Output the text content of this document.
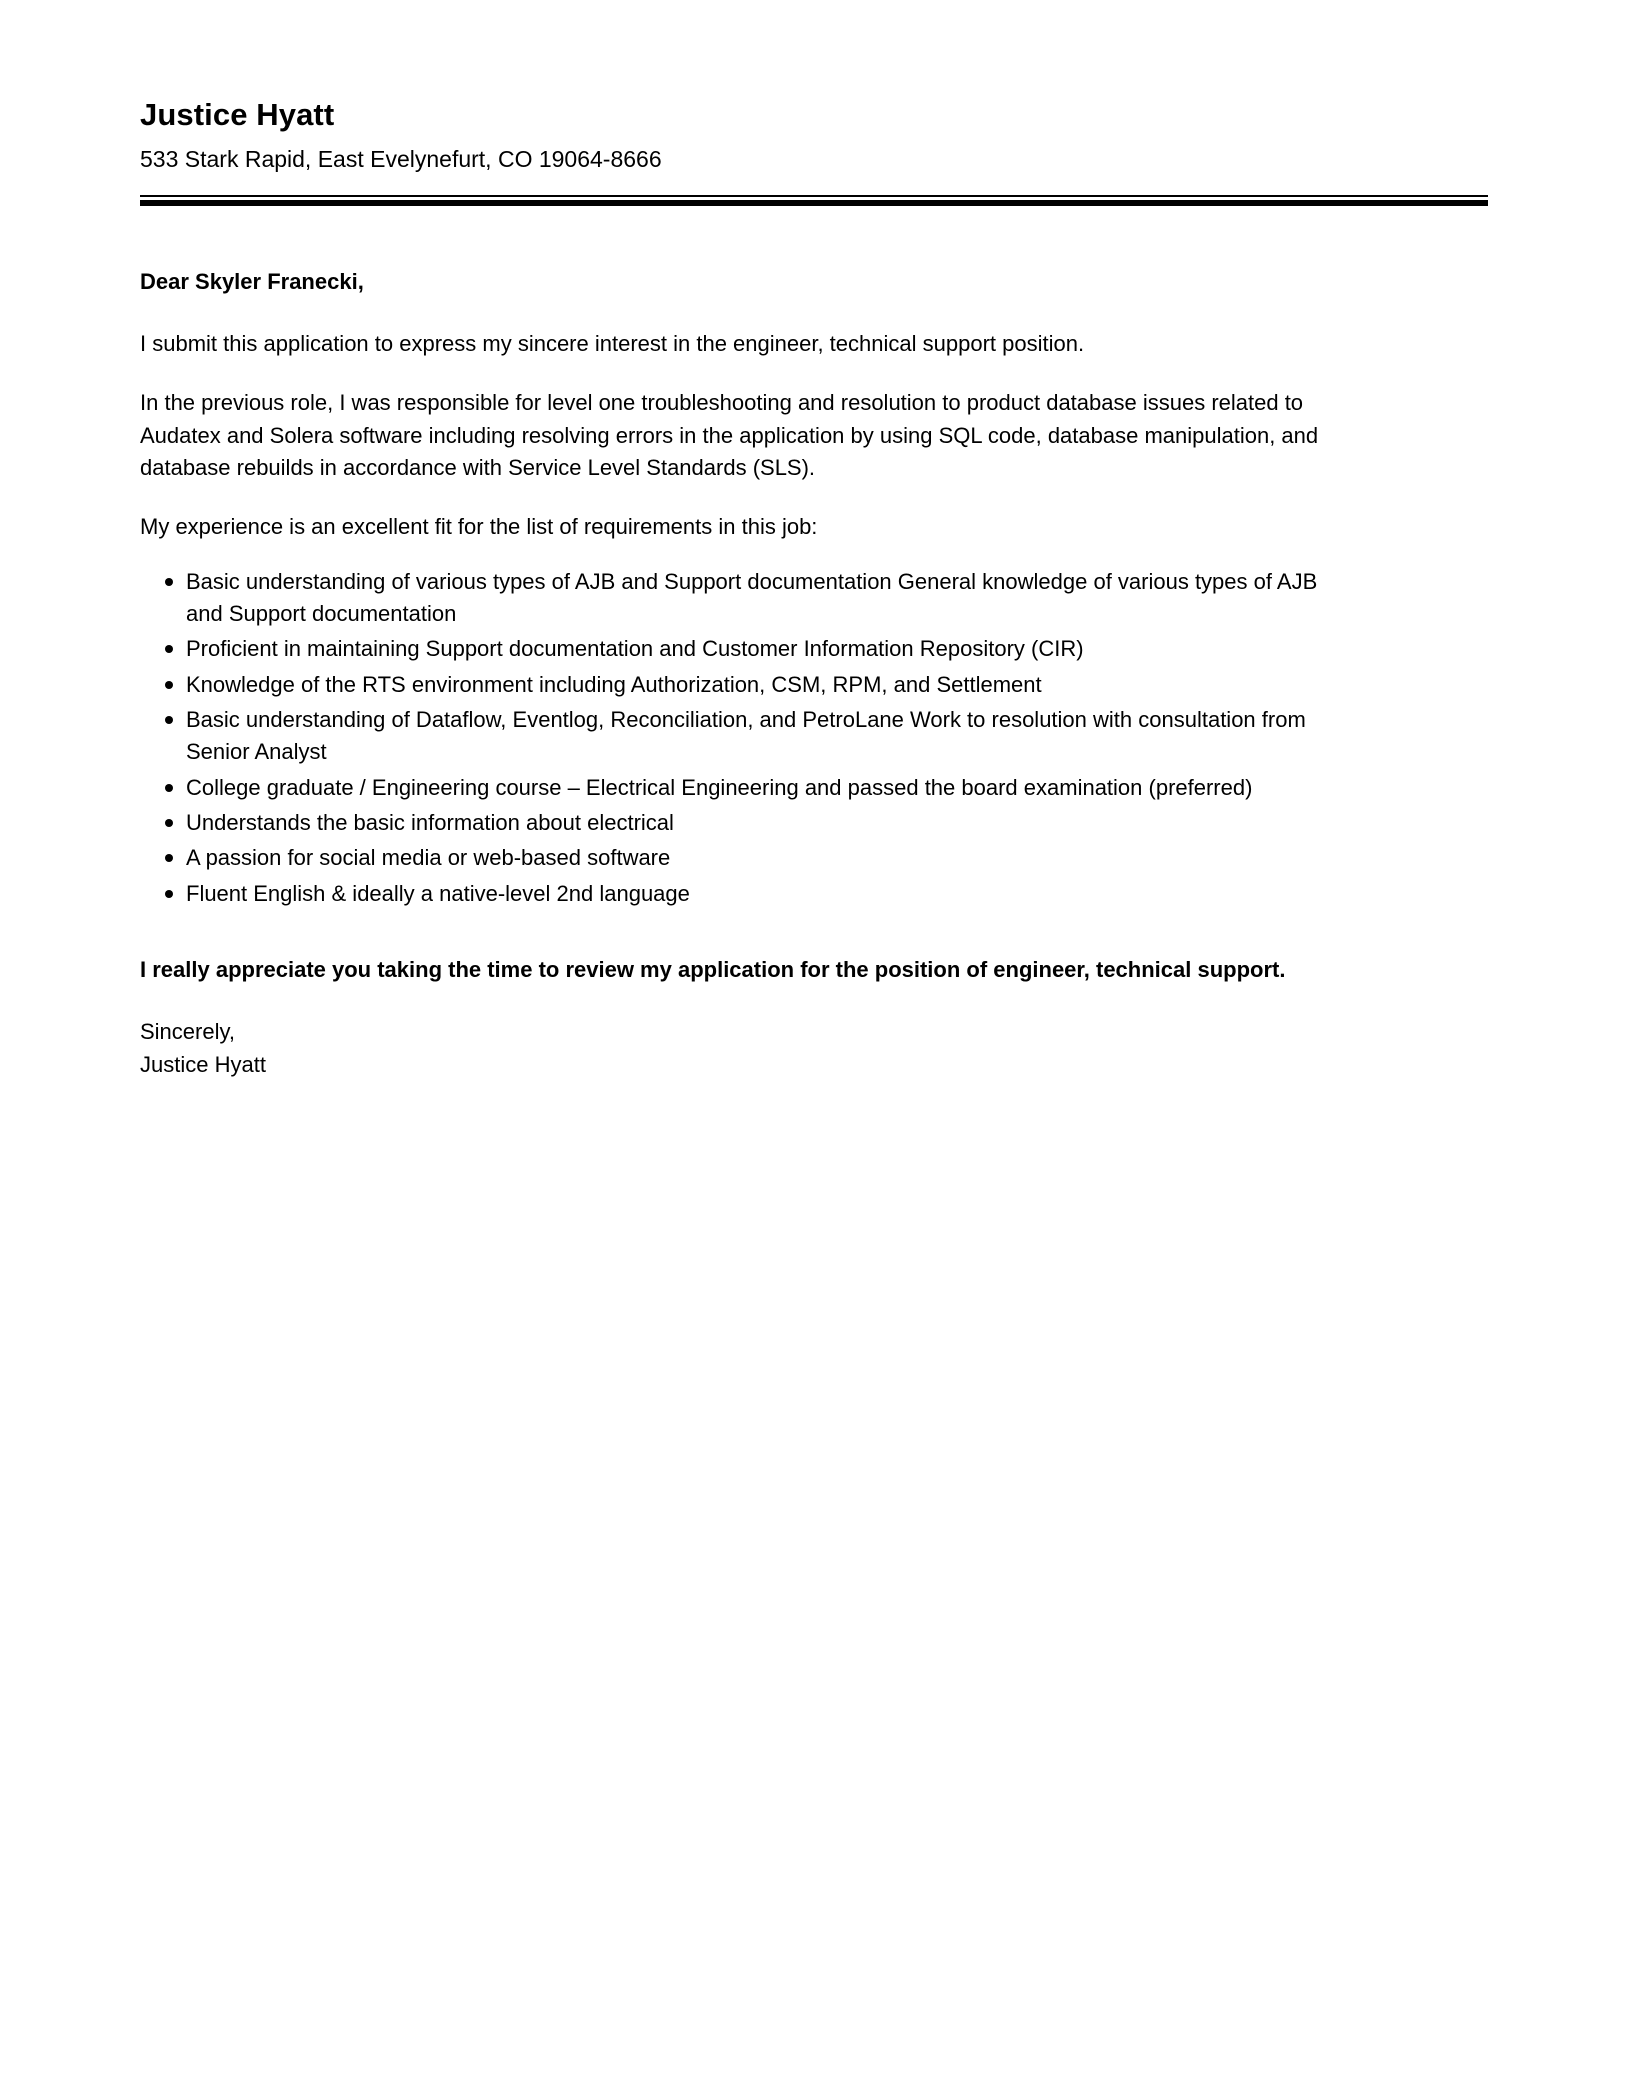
Justice Hyatt
533 Stark Rapid, East Evelynefurt, CO 19064-8666

Dear Skyler Franecki,

I submit this application to express my sincere interest in the engineer, technical support position.

In the previous role, I was responsible for level one troubleshooting and resolution to product database issues related to Audatex and Solera software including resolving errors in the application by using SQL code, database manipulation, and database rebuilds in accordance with Service Level Standards (SLS).

My experience is an excellent fit for the list of requirements in this job:

Basic understanding of various types of AJB and Support documentation General knowledge of various types of AJB and Support documentation
Proficient in maintaining Support documentation and Customer Information Repository (CIR)
Knowledge of the RTS environment including Authorization, CSM, RPM, and Settlement
Basic understanding of Dataflow, Eventlog, Reconciliation, and PetroLane Work to resolution with consultation from Senior Analyst
College graduate / Engineering course – Electrical Engineering and passed the board examination (preferred)
Understands the basic information about electrical
A passion for social media or web-based software
Fluent English & ideally a native-level 2nd language

I really appreciate you taking the time to review my application for the position of engineer, technical support.

Sincerely,
Justice Hyatt
